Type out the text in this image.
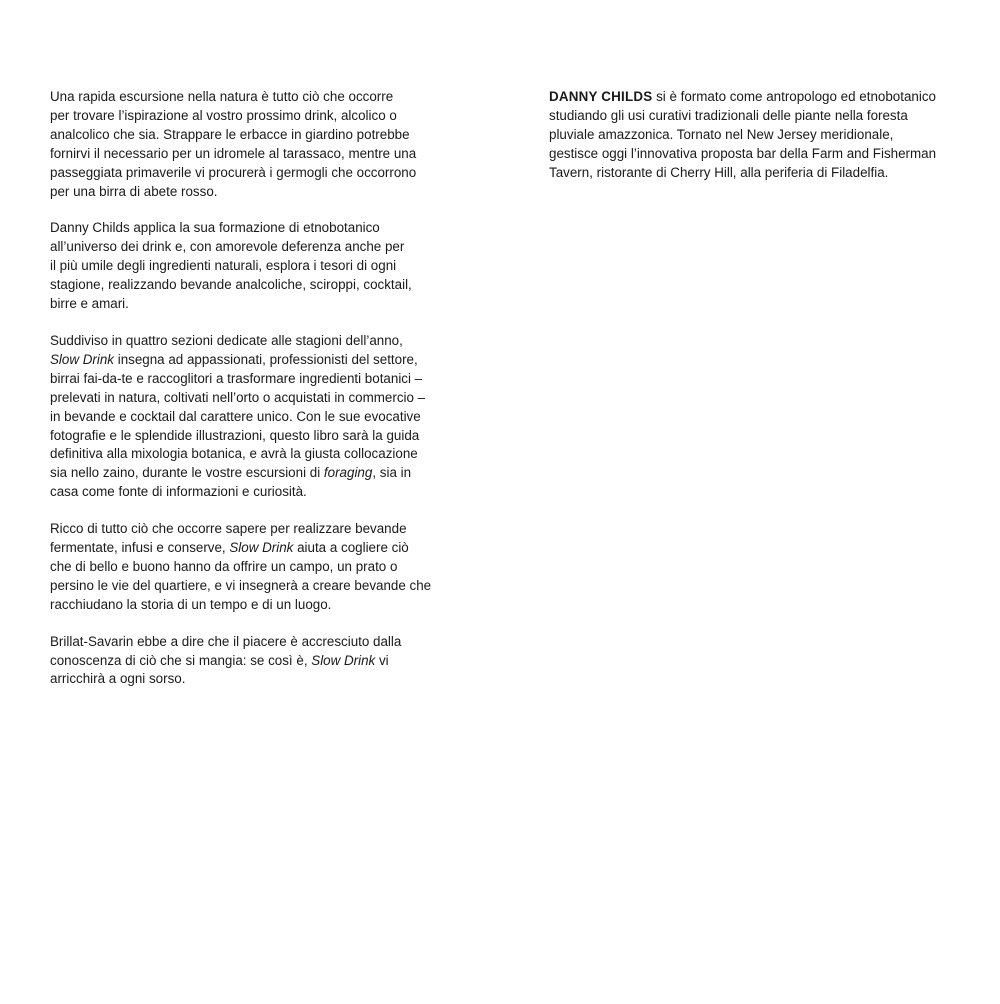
Una rapida escursione nella natura è tutto ciò che occorre
per trovare l’ispirazione al vostro prossimo drink, alcolico o
analcolico che sia. Strappare le erbacce in giardino potrebbe
fornirvi il necessario per un idromele al tarassaco, mentre una
passeggiata primaverile vi procurerà i germogli che occorrono
per una birra di abete rosso.

Danny Childs applica la sua formazione di etnobotanico
all’universo dei drink e, con amorevole deferenza anche per
il più umile degli ingredienti naturali, esplora i tesori di ogni
stagione, realizzando bevande analcoliche, sciroppi, cocktail,
birre e amari.

Suddiviso in quattro sezioni dedicate alle stagioni dell’anno,
Slow Drink insegna ad appassionati, professionisti del settore,
birrai fai-da-te e raccoglitori a trasformare ingredienti botanici –
prelevati in natura, coltivati nell’orto o acquistati in commercio –
in bevande e cocktail dal carattere unico. Con le sue evocative
fotografie e le splendide illustrazioni, questo libro sarà la guida
definitiva alla mixologia botanica, e avrà la giusta collocazione
sia nello zaino, durante le vostre escursioni di foraging, sia in
casa come fonte di informazioni e curiosità.

Ricco di tutto ciò che occorre sapere per realizzare bevande
fermentate, infusi e conserve, Slow Drink aiuta a cogliere ciò
che di bello e buono hanno da offrire un campo, un prato o
persino le vie del quartiere, e vi insegnerà a creare bevande che
racchiudano la storia di un tempo e di un luogo.

Brillat-Savarin ebbe a dire che il piacere è accresciuto dalla
conoscenza di ciò che si mangia: se così è, Slow Drink vi
arricchirà a ogni sorso.

DANNY CHILDS si è formato come antropologo ed etnobotanico
studiando gli usi curativi tradizionali delle piante nella foresta
pluviale amazzonica. Tornato nel New Jersey meridionale,
gestisce oggi l’innovativa proposta bar della Farm and Fisherman
Tavern, ristorante di Cherry Hill, alla periferia di Filadelfia.
